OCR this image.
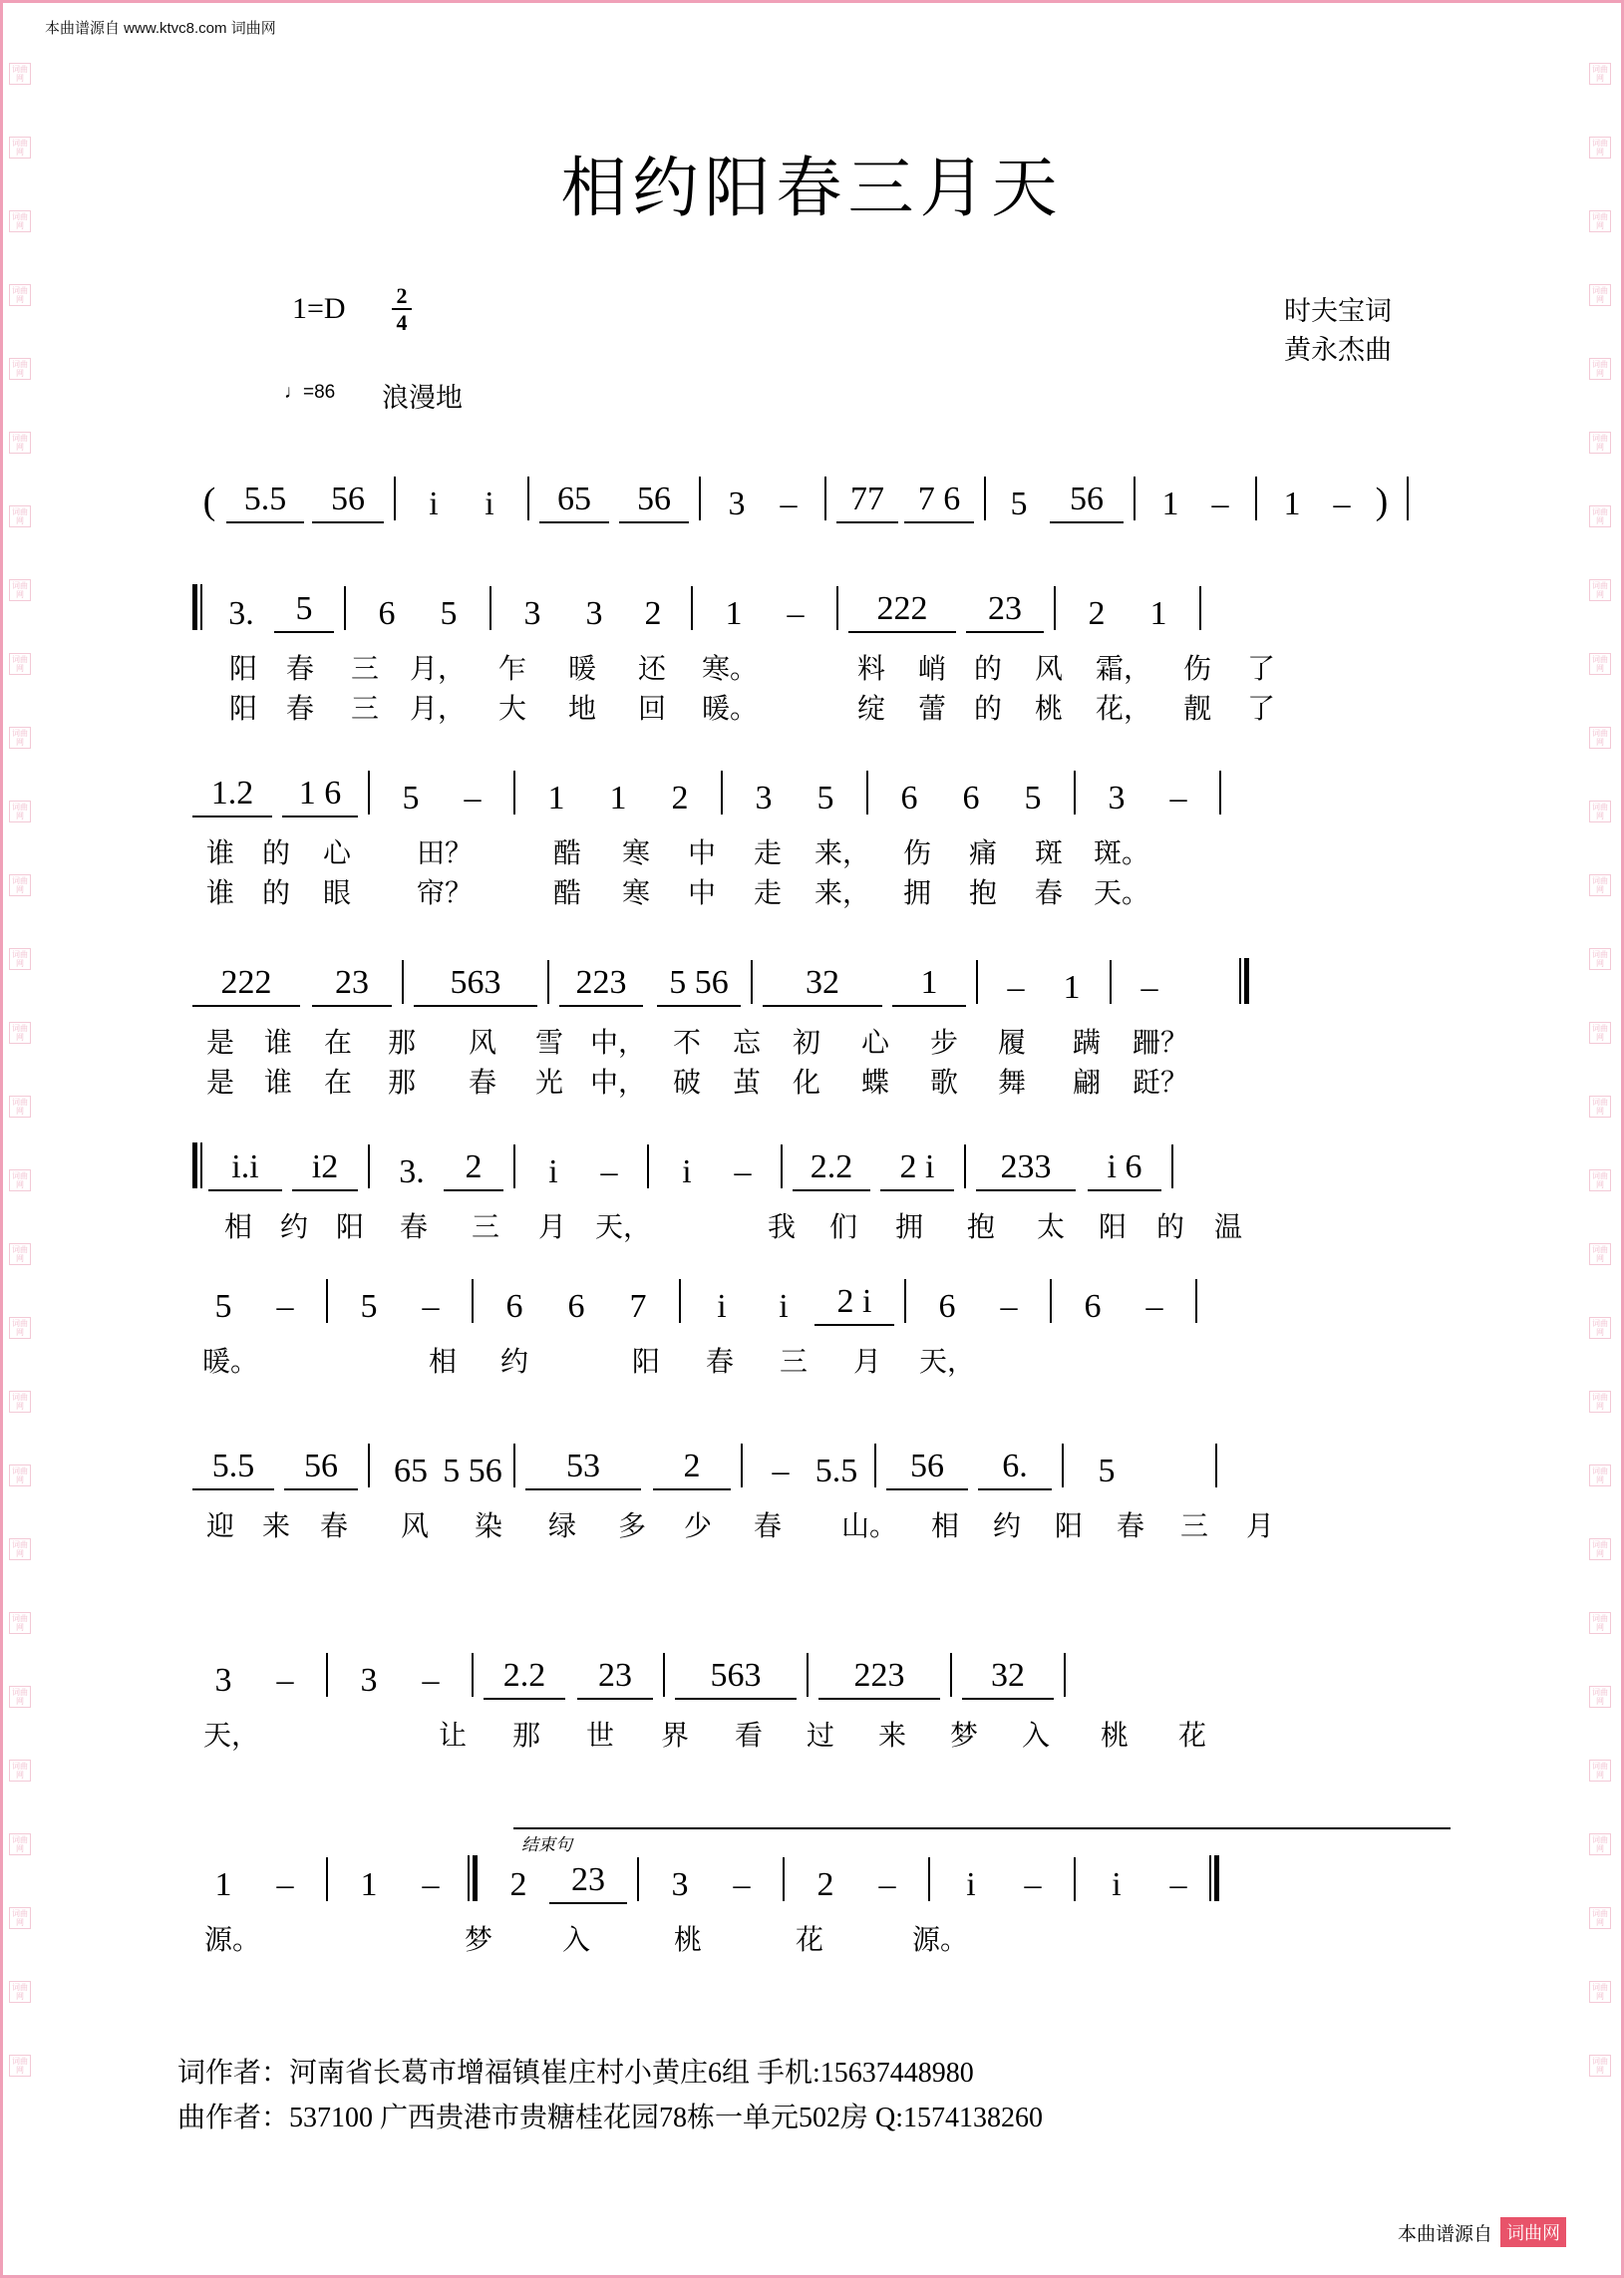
词曲网
词曲网
词曲网
词曲网
词曲网
词曲网
词曲网
词曲网
词曲网
词曲网
词曲网
词曲网
词曲网
词曲网
词曲网
词曲网
词曲网
词曲网
词曲网
词曲网
词曲网
词曲网
词曲网
词曲网
词曲网
词曲网
词曲网
词曲网
词曲网
词曲网
词曲网
词曲网
词曲网
词曲网
词曲网
词曲网
词曲网
词曲网
词曲网
词曲网
词曲网
词曲网
词曲网
词曲网
词曲网
词曲网
词曲网
词曲网
词曲网
词曲网
词曲网
词曲网
词曲网
词曲网
词曲网
词曲网
本曲谱源自 www.ktvc8.com 词曲网
相约阳春三月天
1=D 2
4	时夫宝词
黄永杰曲
♩=86 浪漫地
( 5.5	56	i	i	65	56	3	–	77 7 6	5	56	1 –	1 – )
3.	5	6	5	3	3	2	1	–	222	23	2	1
阳	春	三	月，	乍	暖	还	寒。	料	峭 的	风	霜，	伤	了
阳	春	三	月，	大	地	回	暖。	绽	蕾 的	桃	花，	靓	了
1.2	1 6	5	–	1	1	2	3	5	6	6	5	3	–
谁 的	心	田？	酷	寒	中	走	来，	伤	痛	斑	斑。
谁 的	眼	帘？	酷	寒	中	走	来，	拥	抱	春	天。
222	23	563	223	5 56	32	1	–	1	–
是	谁	在	那	风	雪 中， 不	忘	初	心	步	履	蹒	跚？
是	谁	在	那	春	光 中， 破	茧	化	蝶	歌	舞	翩	跹？
i.i	i2	3.	2	i	–	i	–	2.2	2 i	233	i 6
相 约 阳	春	三	月	天，	我	们	拥	抱	太	阳	的	温
5	–	5	–	6	6	7	i	i	2 i	6	–	6	–
暖。	相	约	阳	春	三	月	天，
5.5	56	65 5 56	53	2	– 5.5	56	6.	5
迎 来	春	风	染	绿	多	少	春	山。	相	约	阳	春	三	月
3	–	3	–	2.2	23	563	223	32
天，	让	那	世	界	看	过	来	梦	入	桃	花
结束句
1	–	1	–	2	23	3	–	2	–	i	–	i	–
源。	梦	入	桃	花	源。
词作者：河南省长葛市增福镇崔庄村小黄庄6组 手机:15637448980
曲作者：537100 广西贵港市贵糖桂花园78栋一单元502房 Q:1574138260
本曲谱源自 词曲网
